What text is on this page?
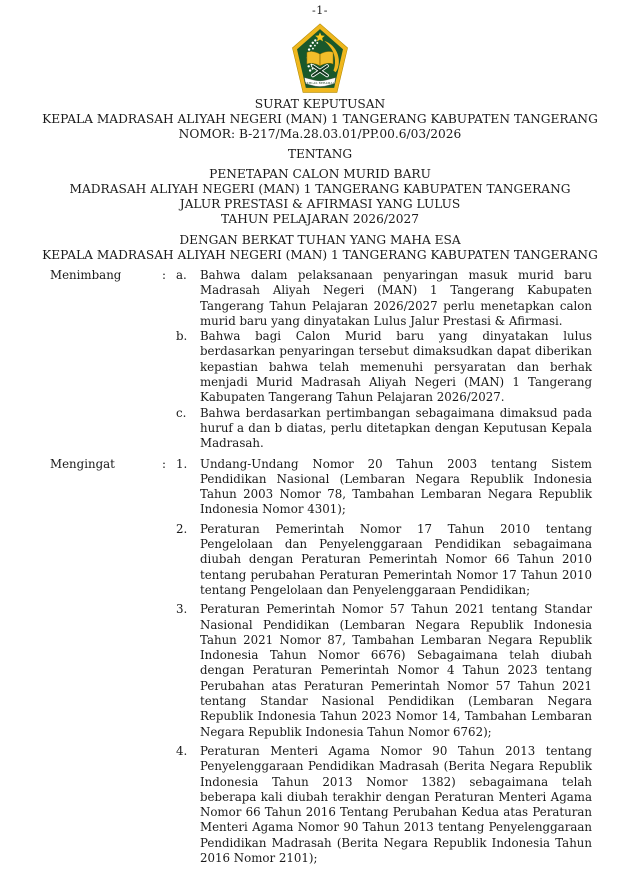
-1-
IKHLAS BERAMAL
SURAT KEPUTUSAN
KEPALA MADRASAH ALIYAH NEGERI (MAN) 1 TANGERANG KABUPATEN TANGERANG
NOMOR: B-217/Ma.28.03.01/PP.00.6/03/2026
TENTANG
PENETAPAN CALON MURID BARU
MADRASAH ALIYAH NEGERI (MAN) 1 TANGERANG KABUPATEN TANGERANG
JALUR PRESTASI & AFIRMASI YANG LULUS
TAHUN PELAJARAN 2026/2027
DENGAN BERKAT TUHAN YANG MAHA ESA
KEPALA MADRASAH ALIYAH NEGERI (MAN) 1 TANGERANG KABUPATEN TANGERANG
Menimbang	: a.	Bahwa dalam pelaksanaan penyaringan masuk murid baru Madrasah Aliyah Negeri (MAN) 1 Tangerang Kabupaten Tangerang Tahun Pelajaran 2026/2027 perlu menetapkan calon murid baru yang dinyatakan Lulus Jalur Prestasi & Afirmasi.
b.	Bahwa bagi Calon Murid baru yang dinyatakan lulus berdasarkan penyaringan tersebut dimaksudkan dapat diberikan kepastian bahwa telah memenuhi persyaratan dan berhak menjadi Murid Madrasah Aliyah Negeri (MAN) 1 Tangerang Kabupaten Tangerang Tahun Pelajaran 2026/2027.
c.	Bahwa berdasarkan pertimbangan sebagaimana dimaksud pada huruf a dan b diatas, perlu ditetapkan dengan Keputusan Kepala Madrasah.
Mengingat	: 1.	Undang-Undang Nomor 20 Tahun 2003 tentang Sistem Pendidikan Nasional (Lembaran Negara Republik Indonesia Tahun 2003 Nomor 78, Tambahan Lembaran Negara Republik Indonesia Nomor 4301);
2.	Peraturan Pemerintah Nomor 17 Tahun 2010 tentang Pengelolaan dan Penyelenggaraan Pendidikan sebagaimana diubah dengan Peraturan Pemerintah Nomor 66 Tahun 2010 tentang perubahan Peraturan Pemerintah Nomor 17 Tahun 2010 tentang Pengelolaan dan Penyelenggaraan Pendidikan;
3.	Peraturan Pemerintah Nomor 57 Tahun 2021 tentang Standar Nasional Pendidikan (Lembaran Negara Republik Indonesia Tahun 2021 Nomor 87, Tambahan Lembaran Negara Republik Indonesia Tahun Nomor 6676) Sebagaimana telah diubah dengan Peraturan Pemerintah Nomor 4 Tahun 2023 tentang Perubahan atas Peraturan Pemerintah Nomor 57 Tahun 2021 tentang Standar Nasional Pendidikan (Lembaran Negara Republik Indonesia Tahun 2023 Nomor 14, Tambahan Lembaran Negara Republik Indonesia Tahun Nomor 6762);
4.	Peraturan Menteri Agama Nomor 90 Tahun 2013 tentang Penyelenggaraan Pendidikan Madrasah (Berita Negara Republik Indonesia Tahun 2013 Nomor 1382) sebagaimana telah beberapa kali diubah terakhir dengan Peraturan Menteri Agama Nomor 66 Tahun 2016 Tentang Perubahan Kedua atas Peraturan Menteri Agama Nomor 90 Tahun 2013 tentang Penyelenggaraan Pendidikan Madrasah (Berita Negara Republik Indonesia Tahun 2016 Nomor 2101);
